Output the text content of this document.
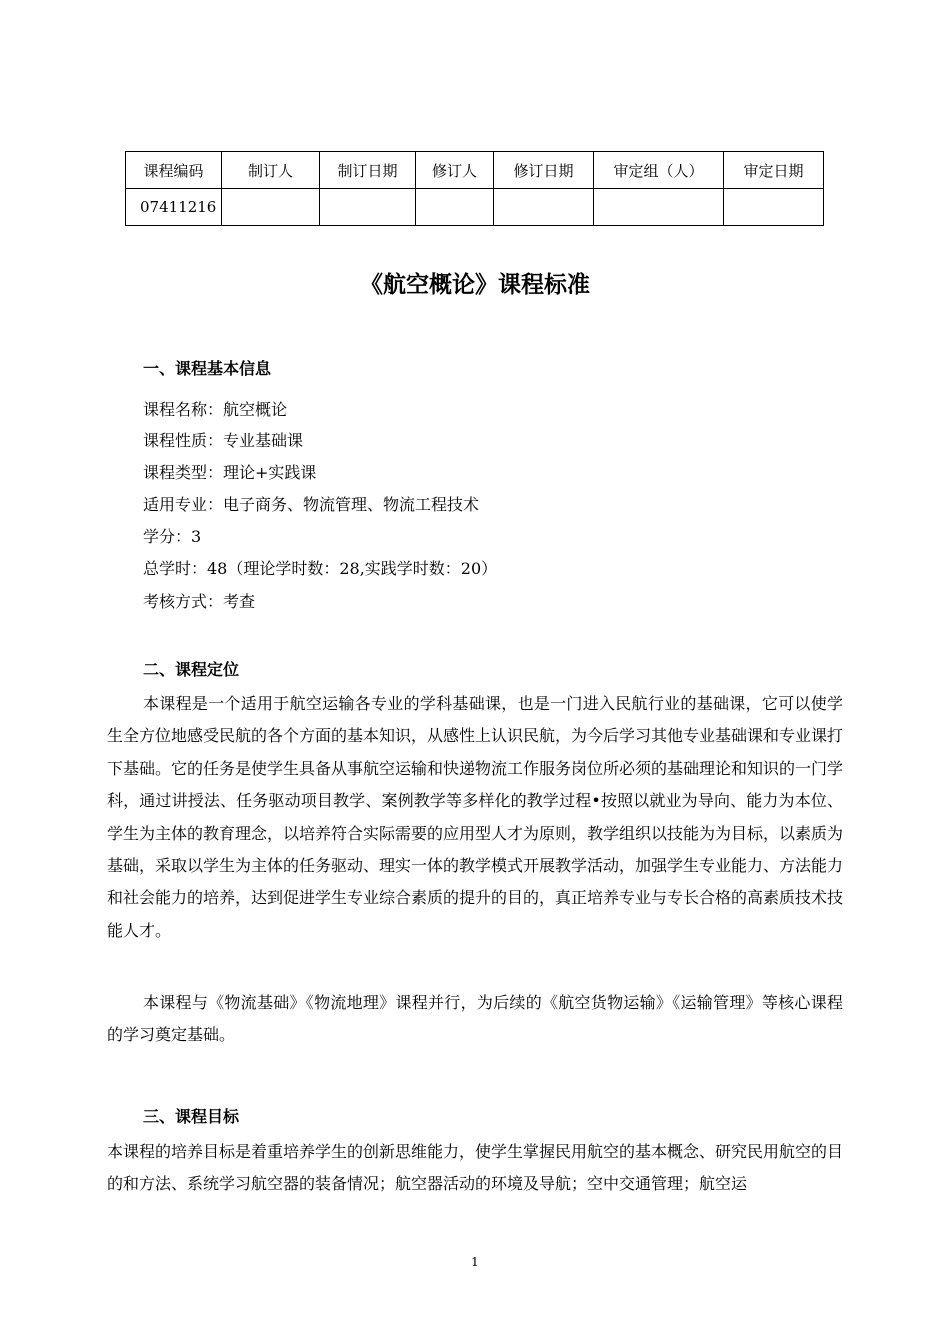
课程编码	制订人	制订日期	修订人	修订日期	审定组（人）	审定日期
07411216						
《航空概论》课程标准
一、课程基本信息
课程名称：航空概论
课程性质：专业基础课
课程类型：理论+实践课
适用专业：电子商务、物流管理、物流工程技术
学分：3
总学时：48（理论学时数：28,实践学时数：20）
考核方式：考查
二、课程定位
本课程是一个适用于航空运输各专业的学科基础课，也是一门进入民航行业的基础课，它可以使学生全方位地感受民航的各个方面的基本知识，从感性上认识民航，为今后学习其他专业基础课和专业课打下基础。它的任务是使学生具备从事航空运输和快递物流工作服务岗位所必须的基础理论和知识的一门学科，通过讲授法、任务驱动项目教学、案例教学等多样化的教学过程•按照以就业为导向、能力为本位、学生为主体的教育理念，以培养符合实际需要的应用型人才为原则，教学组织以技能为为目标，以素质为基础，采取以学生为主体的任务驱动、理实一体的教学模式开展教学活动，加强学生专业能力、方法能力和社会能力的培养，达到促进学生专业综合素质的提升的目的，真正培养专业与专长合格的高素质技术技能人才。
本课程与《物流基础》《物流地理》课程并行，为后续的《航空货物运输》《运输管理》等核心课程的学习奠定基础。
三、课程目标
本课程的培养目标是着重培养学生的创新思维能力，使学生掌握民用航空的基本概念、研究民用航空的目的和方法、系统学习航空器的装备情况；航空器活动的环境及导航；空中交通管理；航空运
1
